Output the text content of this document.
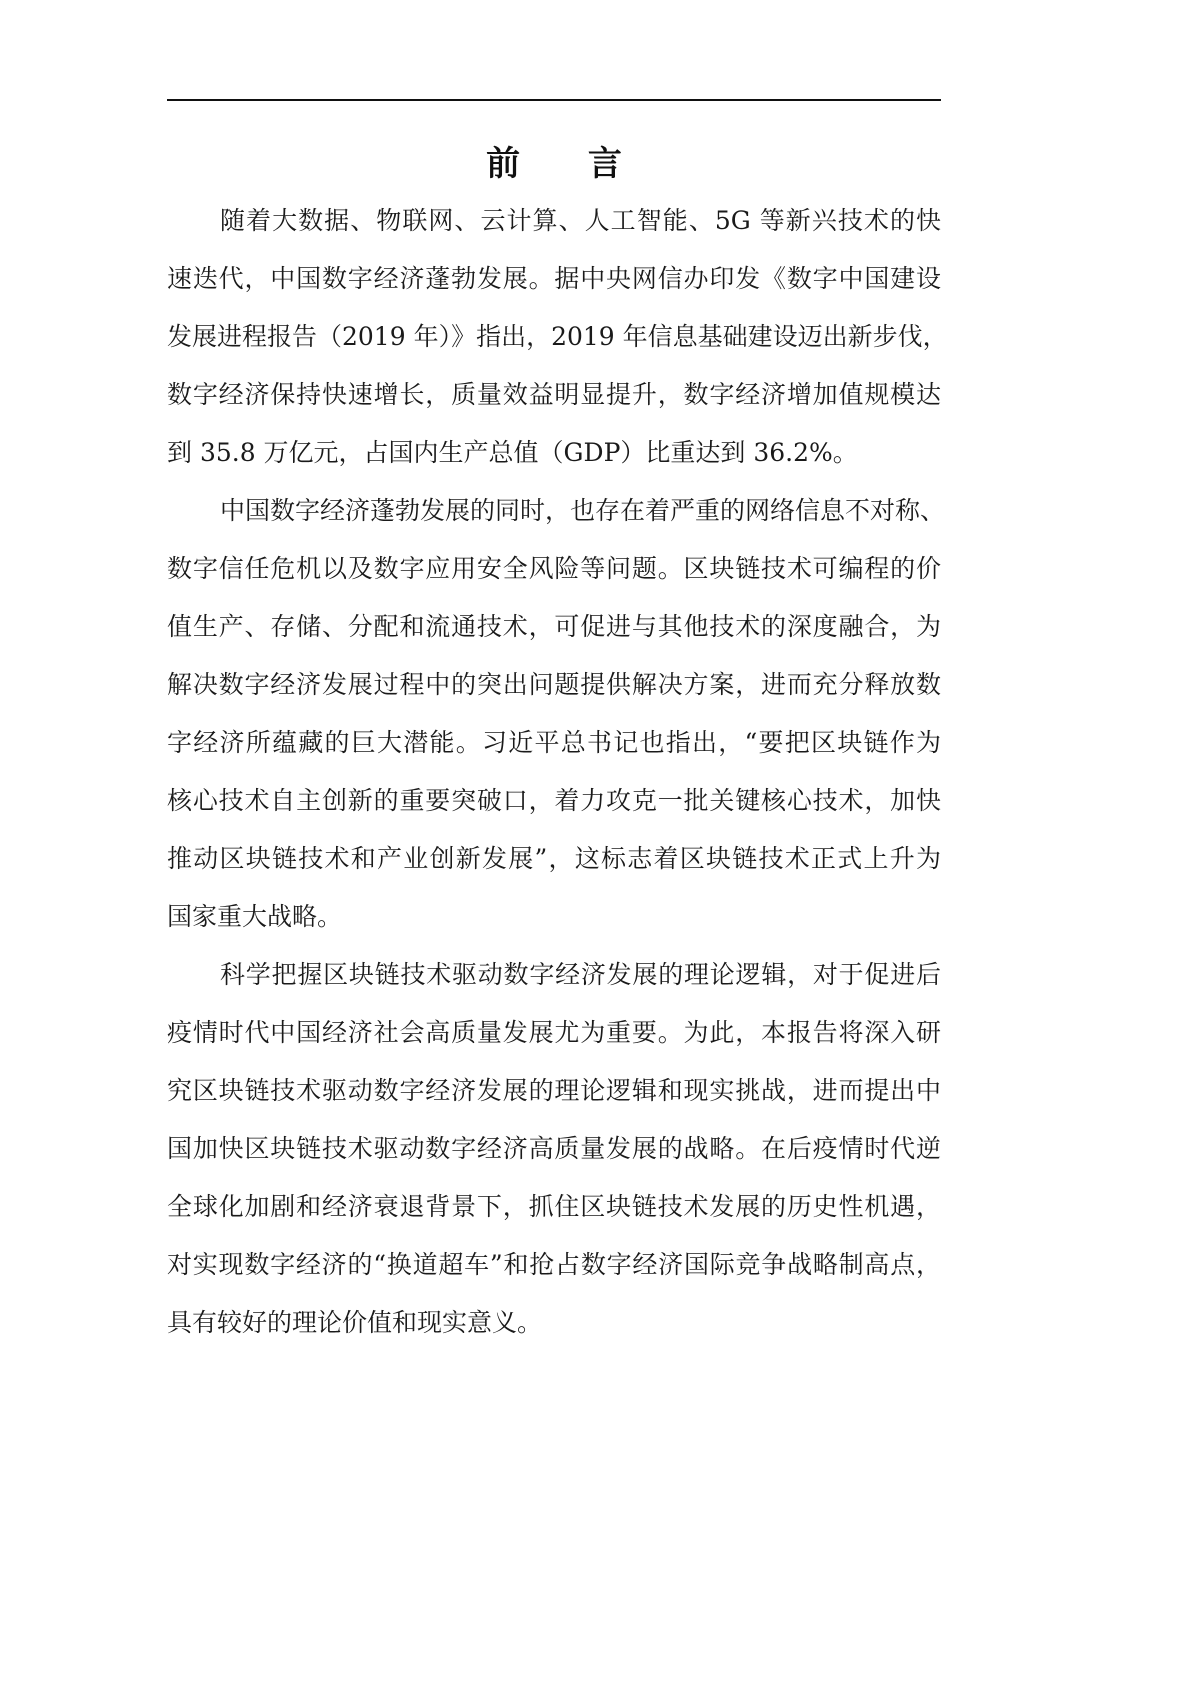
前 言
随着大数据、物联网、云计算、人工智能、5G 等新兴技术的快
速迭代，中国数字经济蓬勃发展。据中央网信办印发《数字中国建设
发展进程报告（2019 年）》指出，2019 年信息基础建设迈出新步伐，
数字经济保持快速增长，质量效益明显提升，数字经济增加值规模达
到 35.8 万亿元，占国内生产总值（GDP）比重达到 36.2%。
中国数字经济蓬勃发展的同时，也存在着严重的网络信息不对称、
数字信任危机以及数字应用安全风险等问题。区块链技术可编程的价
值生产、存储、分配和流通技术，可促进与其他技术的深度融合，为
解决数字经济发展过程中的突出问题提供解决方案，进而充分释放数
字经济所蕴藏的巨大潜能。习近平总书记也指出，“要把区块链作为
核心技术自主创新的重要突破口，着力攻克一批关键核心技术，加快
推动区块链技术和产业创新发展”，这标志着区块链技术正式上升为
国家重大战略。
科学把握区块链技术驱动数字经济发展的理论逻辑，对于促进后
疫情时代中国经济社会高质量发展尤为重要。为此，本报告将深入研
究区块链技术驱动数字经济发展的理论逻辑和现实挑战，进而提出中
国加快区块链技术驱动数字经济高质量发展的战略。在后疫情时代逆
全球化加剧和经济衰退背景下，抓住区块链技术发展的历史性机遇，
对实现数字经济的“换道超车”和抢占数字经济国际竞争战略制高点，
具有较好的理论价值和现实意义。
